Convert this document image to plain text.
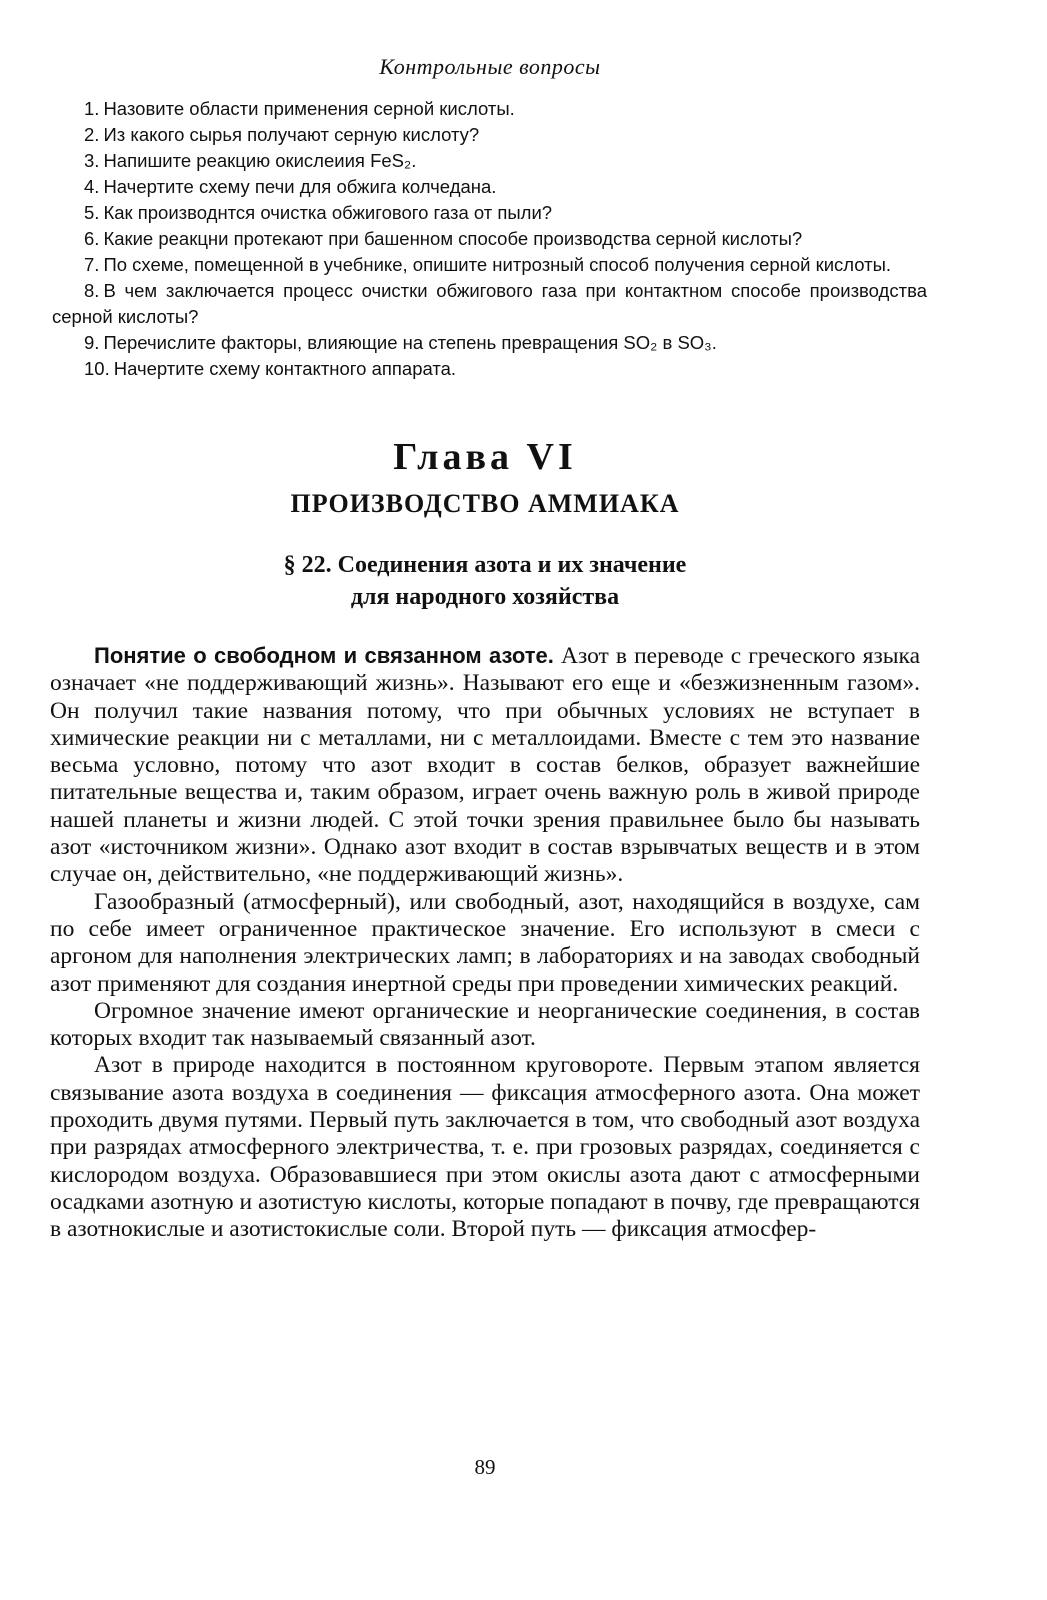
Контрольные вопросы

1. Назовите области применения серной кислоты.

2. Из какого сырья получают серную кислоту?

3. Напишите реакцию окислеиия FeS₂.

4. Начертите схему печи для обжига колчедана.

5. Как производнтся очистка обжигового газа от пыли?

6. Какие реакцни протекают при башенном способе производства серной кислоты?

7. По схеме, помещенной в учебнике, опишите нитрозный способ получения серной кислоты.

8. В чем заключается процесс очистки обжигового газа при контактном способе производства серной кислоты?

9. Перечислите факторы, влияющие на степень превращения SO₂ в SO₃.

10. Начертите схему контактного аппарата.

Глава VI
ПРОИЗВОДСТВО АММИАКА
§ 22. Соединения азота и их значение
для народного хозяйства

Понятие о свободном и связанном азоте. Азот в переводе с греческого языка означает «не поддерживающий жизнь». Называют его еще и «безжизненным газом». Он получил такие названия потому, что при обычных условиях не вступает в химические реакции ни с металлами, ни с металлоидами. Вместе с тем это название весьма условно, потому что азот входит в состав белков, образует важнейшие питательные вещества и, таким образом, играет очень важную роль в живой природе нашей планеты и жизни людей. С этой точки зрения правильнее было бы называть азот «источником жизни». Однако азот входит в состав взрывчатых веществ и в этом случае он, действительно, «не поддерживающий жизнь».

Газообразный (атмосферный), или свободный, азот, находящийся в воздухе, сам по себе имеет ограниченное практическое значение. Его используют в смеси с аргоном для наполнения электрических ламп; в лабораториях и на заводах свободный азот применяют для создания инертной среды при проведении химических реакций.

Огромное значение имеют органические и неорганические соединения, в состав которых входит так называемый связанный азот.

Азот в природе находится в постоянном круговороте. Первым этапом является связывание азота воздуха в соединения — фиксация атмосферного азота. Она может проходить двумя путями. Первый путь заключается в том, что свободный азот воздуха при разрядах атмосферного электричества, т. е. при грозовых разрядах, соединяется с кислородом воздуха. Образовавшиеся при этом окислы азота дают с атмосферными осадками азотную и азотистую кислоты, которые попадают в почву, где превращаются в азотнокислые и азотистокислые соли. Второй путь — фиксация атмосфер-

89
